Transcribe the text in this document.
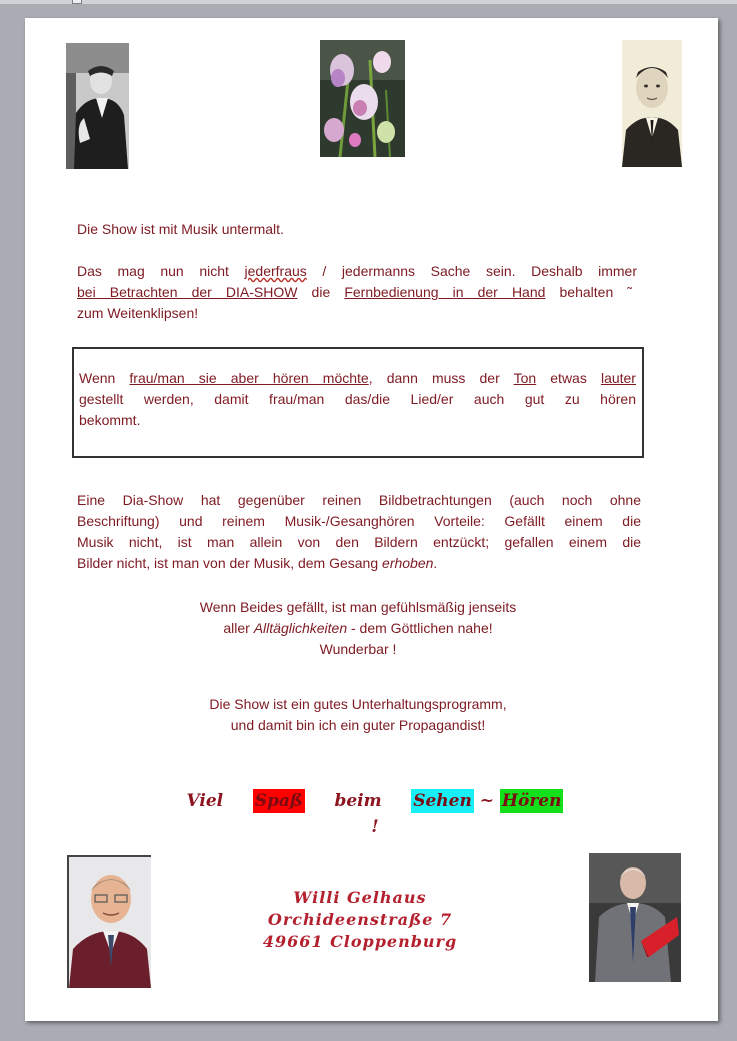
Die Show ist mit Musik untermalt.
Das mag nun nicht jederfraus / jedermanns Sache sein. Deshalb immer
bei Betrachten der DIA-SHOW die Fernbedienung in der Hand behalten ˜
zum Weitenklipsen!
Wenn frau/man sie aber hören möchte, dann muss der Ton etwas lauter
gestellt werden, damit frau/man das/die Lied/er auch gut zu hören
bekommt.
Eine Dia-Show hat gegenüber reinen Bildbetrachtungen (auch noch ohne
Beschriftung) und reinem Musik-/Gesanghören Vorteile: Gefällt einem die
Musik nicht, ist man allein von den Bildern entzückt; gefallen einem die
Bilder nicht, ist man von der Musik, dem Gesang erhoben.
Wenn Beides gefällt, ist man gefühlsmäßig jenseits
aller Alltäglichkeiten - dem Göttlichen nahe!
Wunderbar !
Die Show ist ein gutes Unterhaltungsprogramm,
und damit bin ich ein guter Propagandist!
Viel Spaß beim Sehen ~ Hören !
Willi Gelhaus
Orchideenstraße 7
49661 Cloppenburg
